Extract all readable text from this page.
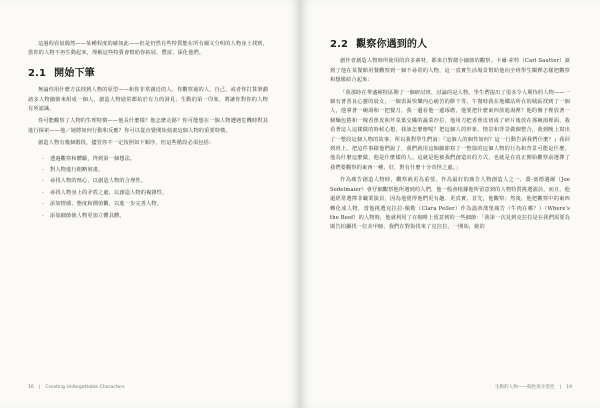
這過程看似偶然——某種程度的確如此——但是仍然有些特質能在所有爾文分明的人物身上找到，當你的人物不再生動起來，理解這些特質會幫助你拓展、豐富、深化他們。

2.1 開始下筆

無論你用什麼方法找到人物的原型——和你非常親近的人、你觀察過的人、自己、或者你打算筆劃諸多人物細節來組成一個人，創造人物通常都始於有力的洞見，生動的第一印象，將讓你對你的人物有所認識。

你可能觀察了人物的生理特徵——他長什麼樣？他怎麼走路？你可能想在一個人物遭遇危機時對其進行探索——他／她將如何行動和反應？你可以從直覺開始刻畫這個人物的重要特徵。

創造人物有幾個階段，儘管你不一定按照如下順序，但這些階段必須包括：

· 透過觀察和體驗，得到第一個想法。
· 對人物進行粗略刻畫。
· 尋找人物的核心，以創造人物的合理性。
· 尋找人物身上的矛盾之處，以創造人物的複雜性。
· 添加情感、態度和價值觀，以進一步完善人物。
· 添加細節使人物更加立體具體。
16 | Creating Unforgettable Characters
2.2 觀察你遇到的人

創作者創造人物時所使用的許多素材，都來自對微小細節的觀察。卡爾·索特（Carl Sautter）談到了他在某餐館用餐觀察到一個不尋常的人物，這一真實生活場景幫助他向全班學生闡釋怎樣把觀察和想像結合起來：

「我那時在華盛頓特區開了一個研討班，討論的是人物。學生們提出了很多令人期待的人物——一個有著善良心靈的妓女，一個表面快樂內心痛苦的餅干等。午餐時我在地鐵站所在的城區找到了一個人，他拿著一碗湯和一把餐刀，我一邊看他一邊琢磨，他要把什麼東西放進湯裡？他的盤子裡放著一個麵包捲和一塊香蕉皮和芹菜葉交織的蔬菜沙拉，他用刀把香蕉皮切成了碎片後放在那碗湯裡面，我看著這人這樣做的時候心想，我該怎麼辦呢？把這個人的形象、情景和背景做個整合，我到晚上寫出了一整段這個人物的故事，所以我對學生們說：『這個人的個性如何？這一行動告訴我們什麼？』我回到班上，把這件事跟他們說了，我們就用這個細節寫了一整篇的這個人物的行為和背景可能是什麼，他為什麼這麼做，他是什麼樣的人。這就是他被我們創造出的方式，也就是在真正開始觀察前選擇了我們要觀察的東西一種，好，對有什麼十分奇怪之處。」

作為廣告創造人物時，觀察就更為重要。作為最好的廣告人物創造人之一，喬·塞德邁爾（Joe Sedelmaier）會仔細觀察他所遇到的人們，他一般會根據他所留意到的人物特質挑選演員，而且，他還經常選擇非職業演員，因為他覺得他們更有趣、更真實。首先，他觀察；然後，他把觀察中的東西轉化成人物，當他挑選克拉拉·佩勒（Clara Peller）作為溫蒂漢堡廣告（牛肉在哪？）（Where's the Beef）的人物時，他就利用了在咖啡上留意到的一些細節：「我第一次見到克拉拉是在我們需要為廣告拍攝找一位美甲師，我們在對街找來了克拉拉，一開始，她的

生動的人物——個性與矛盾性 | 19
